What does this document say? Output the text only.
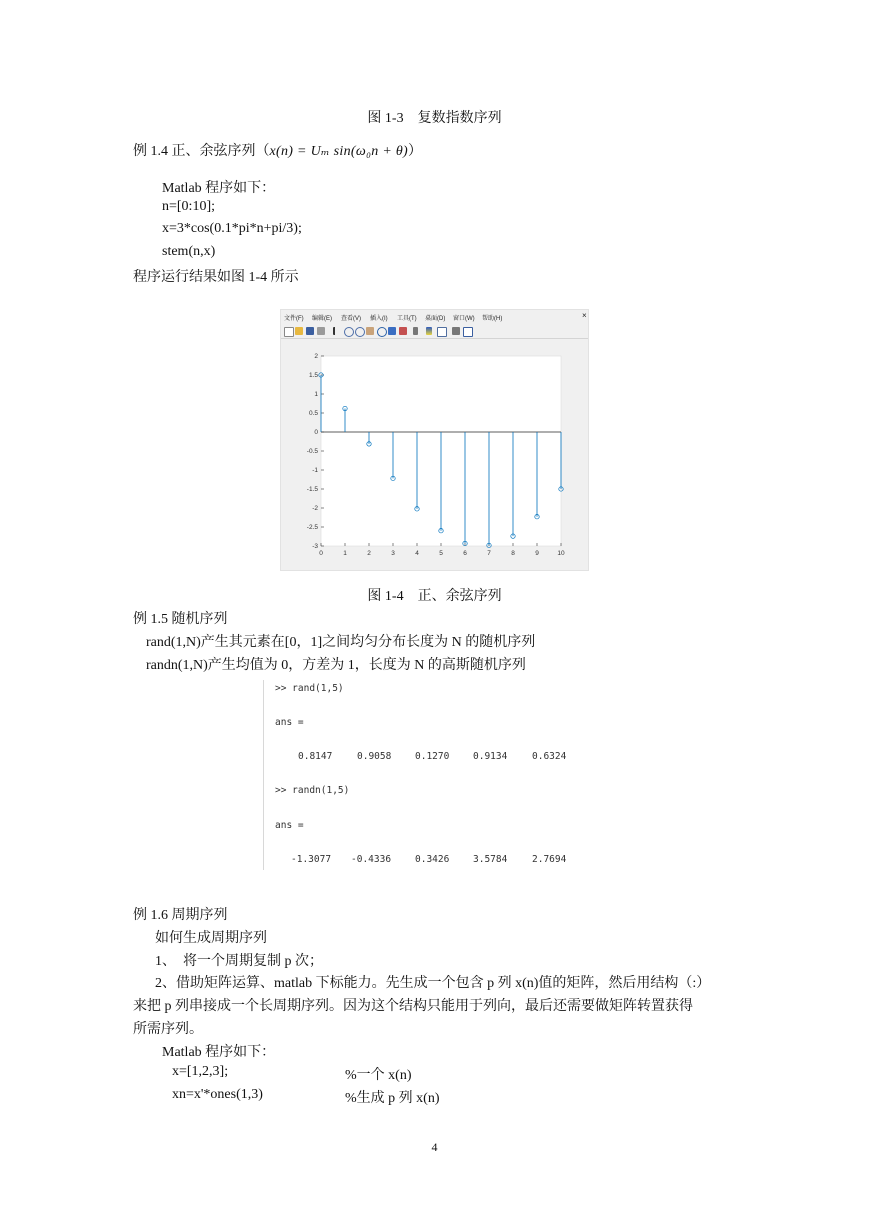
图 1-3　复数指数序列
例 1.4 正、余弦序列（x(n) = Uₘ sin(ω₀n + θ)）
Matlab 程序如下：
n=[0:10];
x=3*cos(0.1*pi*n+pi/3);
stem(n,x)
程序运行结果如图 1-4 所示
文件(F) 编辑(E) 查看(V) 插入(I) 工具(T) 桌面(D) 窗口(W) 帮助(H)	×
2
1.5
1
0.5
0
-0.5
-1
-1.5
-2
-2.5
-3
0	1	2	3	4	5	6	7	8	9	10
图 1-4　正、余弦序列
例 1.5 随机序列
rand(1,N)产生其元素在[0，1]之间均匀分布长度为 N 的随机序列
randn(1,N)产生均值为 0，方差为 1，长度为 N 的高斯随机序列
>> rand(1,5)
ans =
0.8147	0.9058 0.1270 0.9134	0.6324
>> randn(1,5)
ans =
-1.3077 -0.4336	0.3426 3.5784	2.7694
例 1.6 周期序列
如何生成周期序列
1、　将一个周期复制 p 次；
2、借助矩阵运算、matlab 下标能力。先生成一个包含 p 列 x(n)值的矩阵，然后用结构（:）
来把 p 列串接成一个长周期序列。因为这个结构只能用于列向，最后还需要做矩阵转置获得
所需序列。
Matlab 程序如下：
x=[1,2,3];	%一个 x(n)
xn=x'*ones(1,3)	%生成 p 列 x(n)
4
